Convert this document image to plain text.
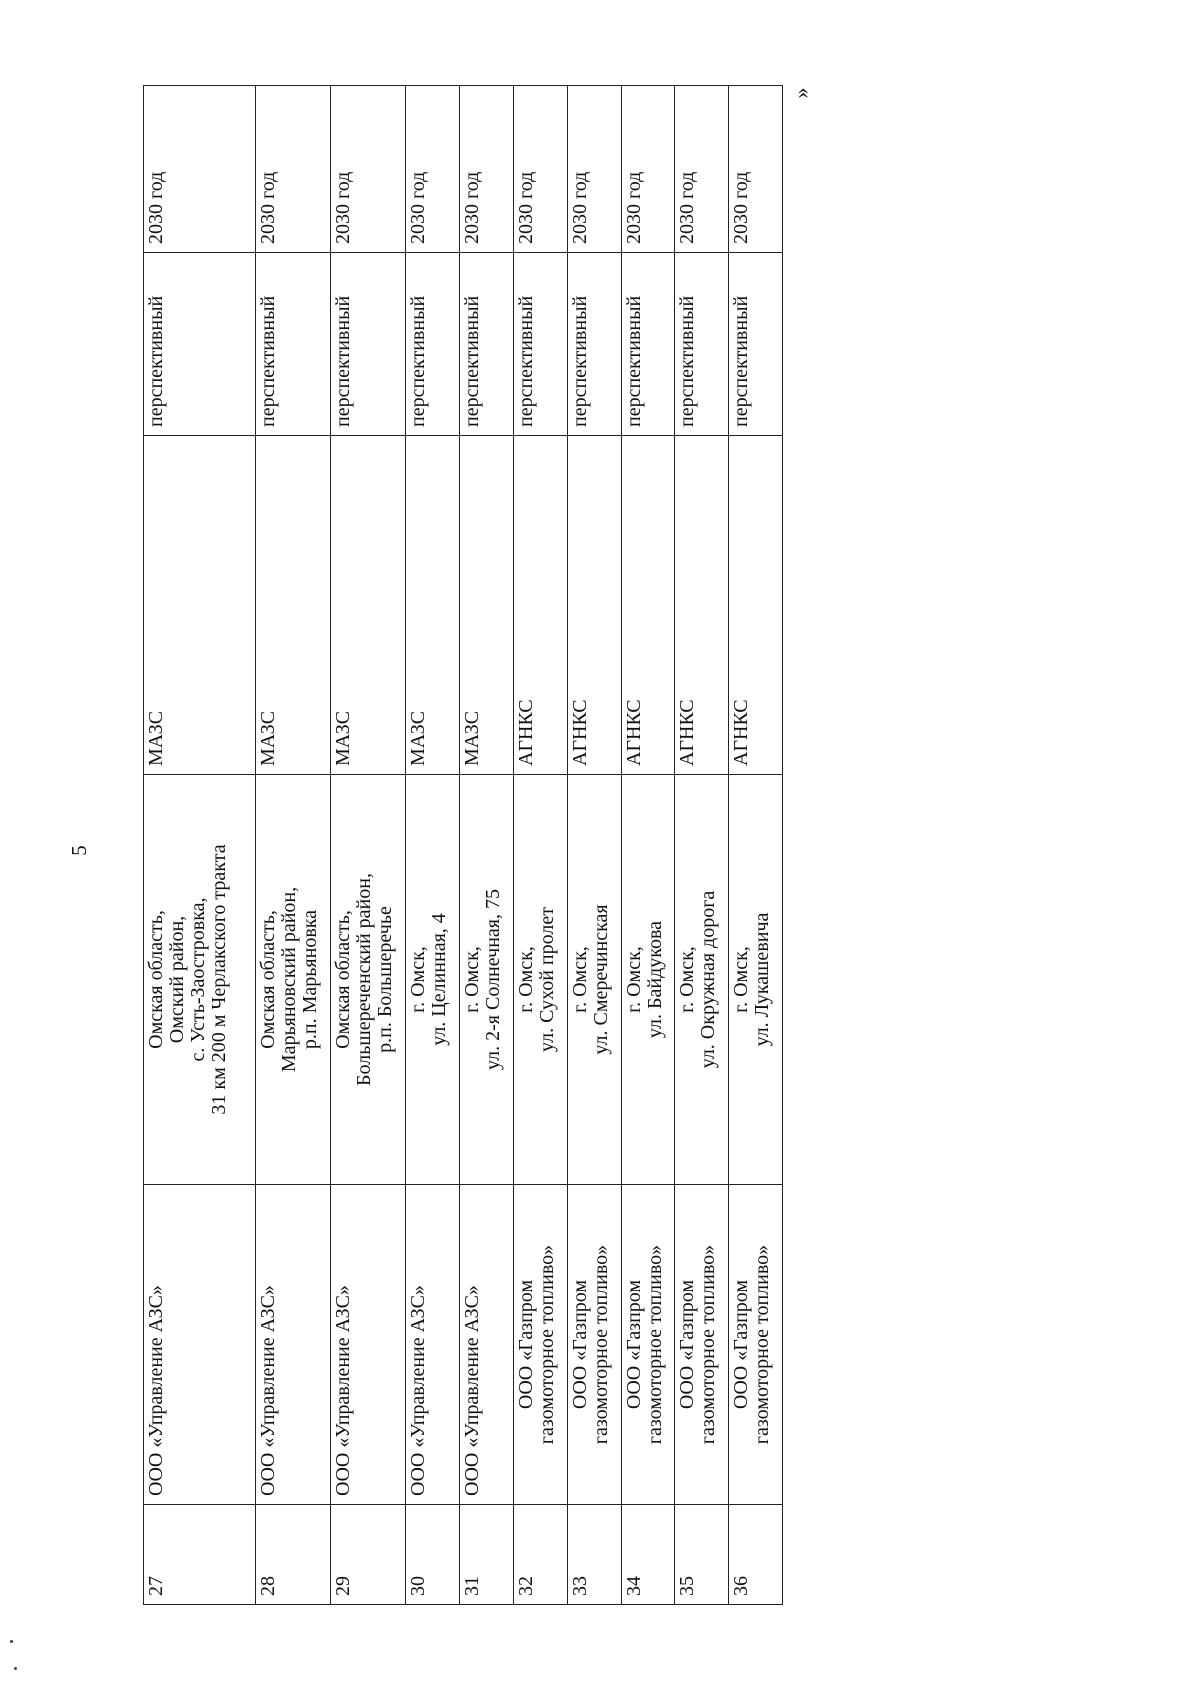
5
»
27	ООО «Управление АЗС»	Омская область, Омский район, с. Усть-Заостровка, 31 км 200 м Черлакского тракта	МАЗС	перспективный	2030 год
28	ООО «Управление АЗС»	Омская область, Марьяновский район, р.п. Марьяновка	МАЗС	перспективный	2030 год
29	ООО «Управление АЗС»	Омская область, Большереченский район, р.п. Большеречье	МАЗС	перспективный	2030 год
30	ООО «Управление АЗС»	г. Омск, ул. Целинная, 4	МАЗС	перспективный	2030 год
31	ООО «Управление АЗС»	г. Омск, ул. 2-я Солнечная, 75	МАЗС	перспективный	2030 год
32	ООО «Газпром газомоторное топливо»	г. Омск, ул. Сухой пролет	АГНКС	перспективный	2030 год
33	ООО «Газпром газомоторное топливо»	г. Омск, ул. Смеречинская	АГНКС	перспективный	2030 год
34	ООО «Газпром газомоторное топливо»	г. Омск, ул. Байдукова	АГНКС	перспективный	2030 год
35	ООО «Газпром газомоторное топливо»	г. Омск, ул. Окружная дорога	АГНКС	перспективный	2030 год
36	ООО «Газпром газомоторное топливо»	г. Омск, ул. Лукашевича	АГНКС	перспективный	2030 год
